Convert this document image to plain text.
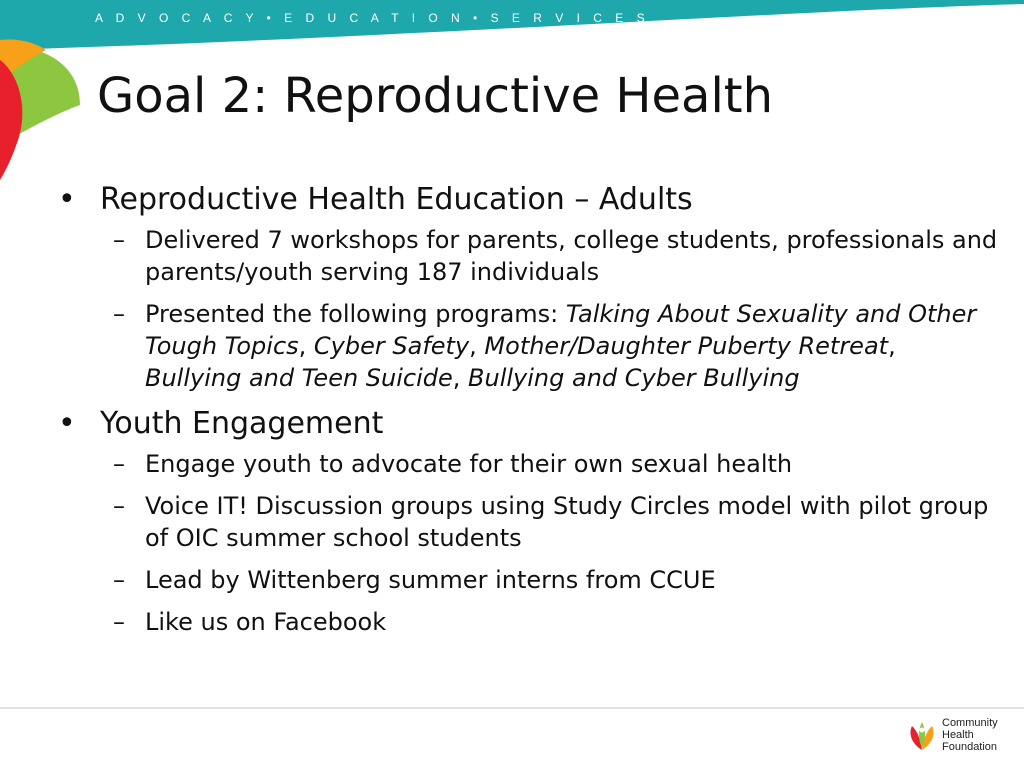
A D V O C A C Y • E D U C A T I O N • S E R V I C E S
Goal 2: Reproductive Health
• Reproductive Health Education – Adults
– Delivered 7 workshops for parents, college students, professionals and parents/youth serving 187 individuals
– Presented the following programs: Talking About Sexuality and Other Tough Topics, Cyber Safety, Mother/Daughter Puberty Retreat, Bullying and Teen Suicide, Bullying and Cyber Bullying
• Youth Engagement
– Engage youth to advocate for their own sexual health
– Voice IT! Discussion groups using Study Circles model with pilot group of OIC summer school students
– Lead by Wittenberg summer interns from CCUE
– Like us on Facebook
Community
Health
Foundation
